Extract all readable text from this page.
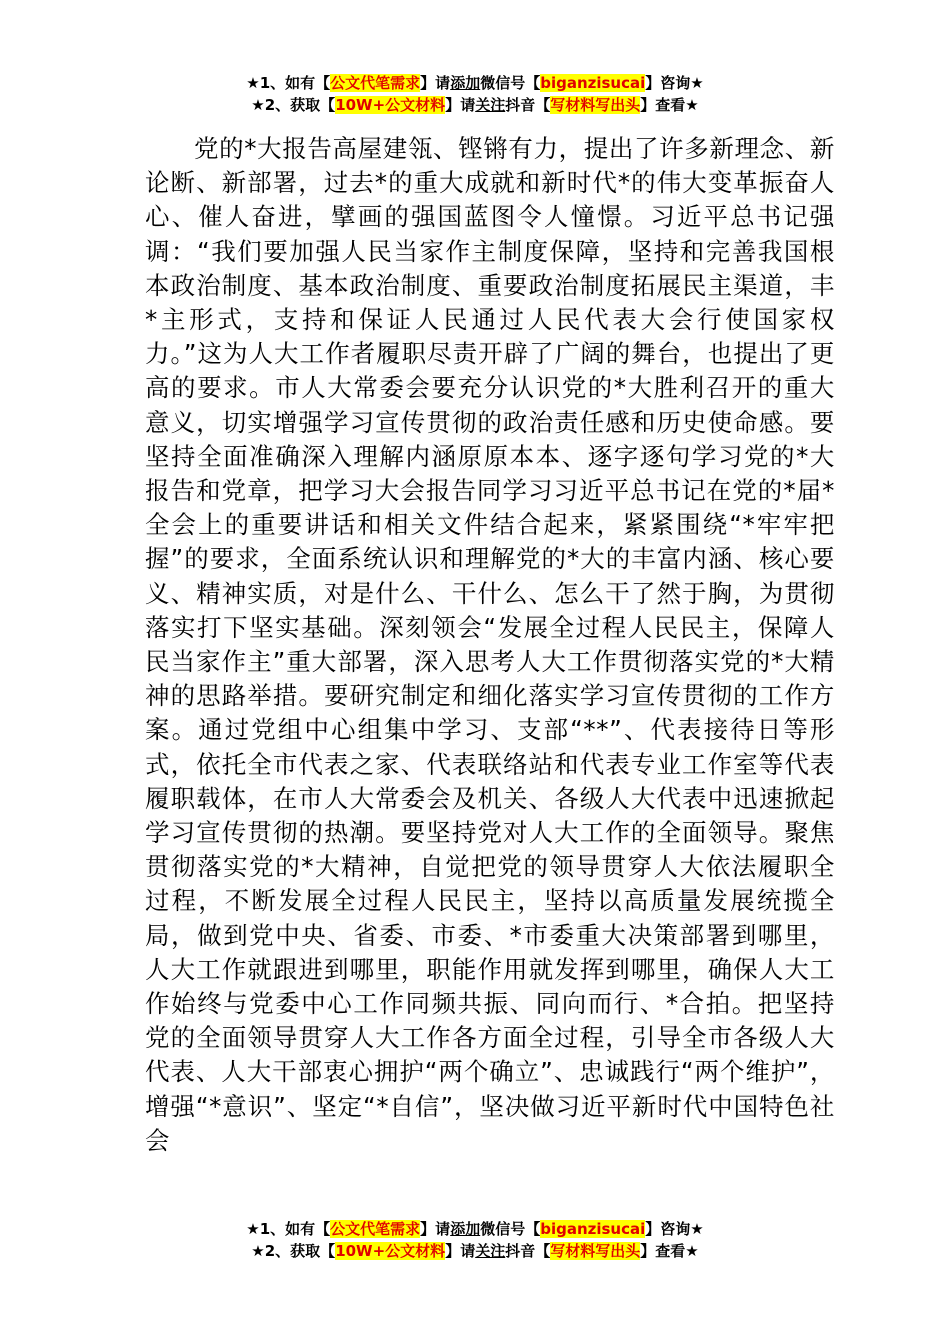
★1、如有【公文代笔需求】请添加微信号【biganzisucai】咨询★
★2、获取【10W+公文材料】请关注抖音【写材料写出头】查看★
党的*大报告高屋建瓴、铿锵有力，提出了许多新理念、新论断、新部署，过去*的重大成就和新时代*的伟大变革振奋人心、催人奋进，擘画的强国蓝图令人憧憬。习近平总书记强调：“我们要加强人民当家作主制度保障，坚持和完善我国根本政治制度、基本政治制度、重要政治制度拓展民主渠道，丰*主形式，支持和保证人民通过人民代表大会行使国家权力。”这为人大工作者履职尽责开辟了广阔的舞台，也提出了更高的要求。市人大常委会要充分认识党的*大胜利召开的重大意义，切实增强学习宣传贯彻的政治责任感和历史使命感。要坚持全面准确深入理解内涵原原本本、逐字逐句学习党的*大报告和党章，把学习大会报告同学习习近平总书记在党的*届*全会上的重要讲话和相关文件结合起来，紧紧围绕“*牢牢把握”的要求，全面系统认识和理解党的*大的丰富内涵、核心要义、精神实质，对是什么、干什么、怎么干了然于胸，为贯彻落实打下坚实基础。深刻领会“发展全过程人民民主，保障人民当家作主”重大部署，深入思考人大工作贯彻落实党的*大精神的思路举措。要研究制定和细化落实学习宣传贯彻的工作方案。通过党组中心组集中学习、支部“**”、代表接待日等形式，依托全市代表之家、代表联络站和代表专业工作室等代表履职载体，在市人大常委会及机关、各级人大代表中迅速掀起学习宣传贯彻的热潮。要坚持党对人大工作的全面领导。聚焦贯彻落实党的*大精神，自觉把党的领导贯穿人大依法履职全过程，不断发展全过程人民民主，坚持以高质量发展统揽全局，做到党中央、省委、市委、*市委重大决策部署到哪里，人大工作就跟进到哪里，职能作用就发挥到哪里，确保人大工作始终与党委中心工作同频共振、同向而行、*合拍。把坚持党的全面领导贯穿人大工作各方面全过程，引导全市各级人大代表、人大干部衷心拥护“两个确立”、忠诚践行“两个维护”，增强“*意识”、坚定“*自信”，坚决做习近平新时代中国特色社会
★1、如有【公文代笔需求】请添加微信号【biganzisucai】咨询★
★2、获取【10W+公文材料】请关注抖音【写材料写出头】查看★
